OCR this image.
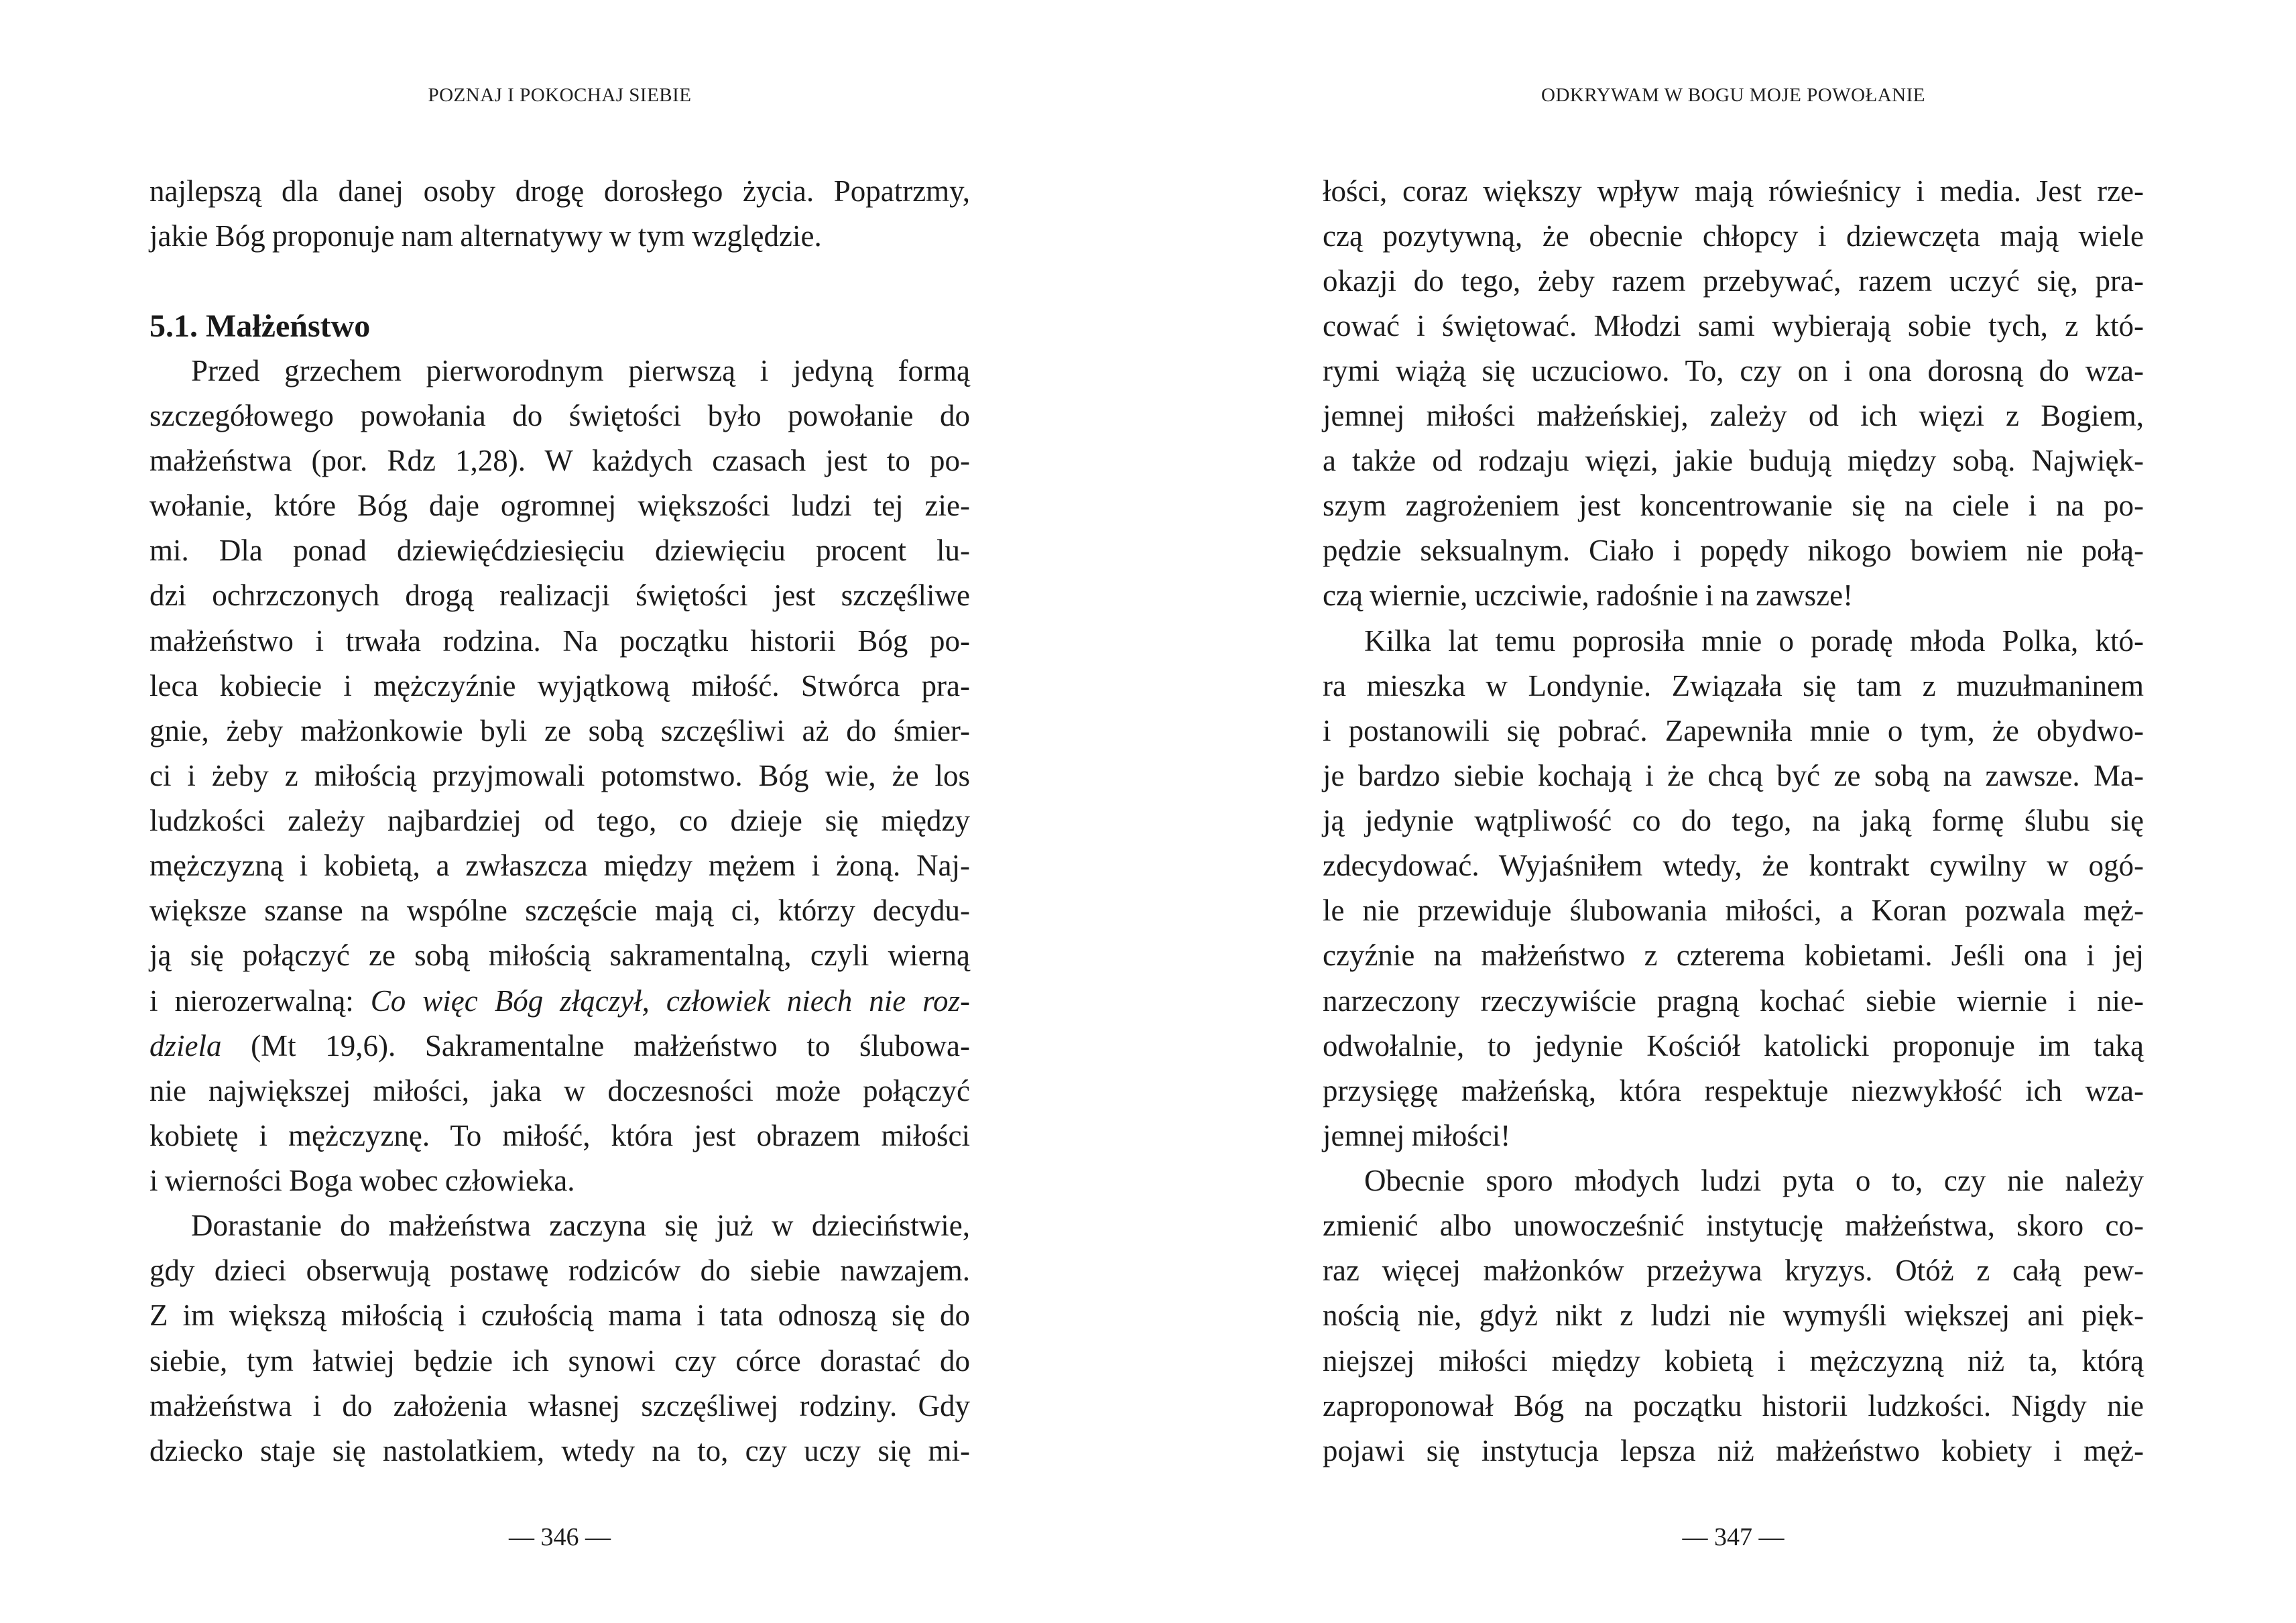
POZNAJ I POKOCHAJ SIEBIE
najlepszą dla danej osoby drogę dorosłego życia. Popatrzmy,
jakie Bóg proponuje nam alternatywy w tym względzie.
5.1. Małżeństwo
Przed grzechem pierworodnym pierwszą i jedyną formą
szczegółowego powołania do świętości było powołanie do
małżeństwa (por. Rdz 1,28). W każdych czasach jest to po-
wołanie, które Bóg daje ogromnej większości ludzi tej zie-
mi. Dla ponad dziewięćdziesięciu dziewięciu procent lu-
dzi ochrzczonych drogą realizacji świętości jest szczęśliwe
małżeństwo i trwała rodzina. Na początku historii Bóg po-
leca kobiecie i mężczyźnie wyjątkową miłość. Stwórca pra-
gnie, żeby małżonkowie byli ze sobą szczęśliwi aż do śmier-
ci i żeby z miłością przyjmowali potomstwo. Bóg wie, że los
ludzkości zależy najbardziej od tego, co dzieje się między
mężczyzną i kobietą, a zwłaszcza między mężem i żoną. Naj-
większe szanse na wspólne szczęście mają ci, którzy decydu-
ją się połączyć ze sobą miłością sakramentalną, czyli wierną
i nierozerwalną: Co więc Bóg złączył, człowiek niech nie roz-
dziela (Mt 19,6). Sakramentalne małżeństwo to ślubowa-
nie największej miłości, jaka w doczesności może połączyć
kobietę i mężczyznę. To miłość, która jest obrazem miłości
i wierności Boga wobec człowieka.
Dorastanie do małżeństwa zaczyna się już w dzieciństwie,
gdy dzieci obserwują postawę rodziców do siebie nawzajem.
Z im większą miłością i czułością mama i tata odnoszą się do
siebie, tym łatwiej będzie ich synowi czy córce dorastać do
małżeństwa i do założenia własnej szczęśliwej rodziny. Gdy
dziecko staje się nastolatkiem, wtedy na to, czy uczy się mi-
— 346 —
ODKRYWAM W BOGU MOJE POWOŁANIE
łości, coraz większy wpływ mają rówieśnicy i media. Jest rze-
czą pozytywną, że obecnie chłopcy i dziewczęta mają wiele
okazji do tego, żeby razem przebywać, razem uczyć się, pra-
cować i świętować. Młodzi sami wybierają sobie tych, z któ-
rymi wiążą się uczuciowo. To, czy on i ona dorosną do wza-
jemnej miłości małżeńskiej, zależy od ich więzi z Bogiem,
a także od rodzaju więzi, jakie budują między sobą. Najwięk-
szym zagrożeniem jest koncentrowanie się na ciele i na po-
pędzie seksualnym. Ciało i popędy nikogo bowiem nie połą-
czą wiernie, uczciwie, radośnie i na zawsze!
Kilka lat temu poprosiła mnie o poradę młoda Polka, któ-
ra mieszka w Londynie. Związała się tam z muzułmaninem
i postanowili się pobrać. Zapewniła mnie o tym, że obydwo-
je bardzo siebie kochają i że chcą być ze sobą na zawsze. Ma-
ją jedynie wątpliwość co do tego, na jaką formę ślubu się
zdecydować. Wyjaśniłem wtedy, że kontrakt cywilny w ogó-
le nie przewiduje ślubowania miłości, a Koran pozwala męż-
czyźnie na małżeństwo z czterema kobietami. Jeśli ona i jej
narzeczony rzeczywiście pragną kochać siebie wiernie i nie-
odwołalnie, to jedynie Kościół katolicki proponuje im taką
przysięgę małżeńską, która respektuje niezwykłość ich wza-
jemnej miłości!
Obecnie sporo młodych ludzi pyta o to, czy nie należy
zmienić albo unowocześnić instytucję małżeństwa, skoro co-
raz więcej małżonków przeżywa kryzys. Otóż z całą pew-
nością nie, gdyż nikt z ludzi nie wymyśli większej ani pięk-
niejszej miłości między kobietą i mężczyzną niż ta, którą
zaproponował Bóg na początku historii ludzkości. Nigdy nie
pojawi się instytucja lepsza niż małżeństwo kobiety i męż-
— 347 —
